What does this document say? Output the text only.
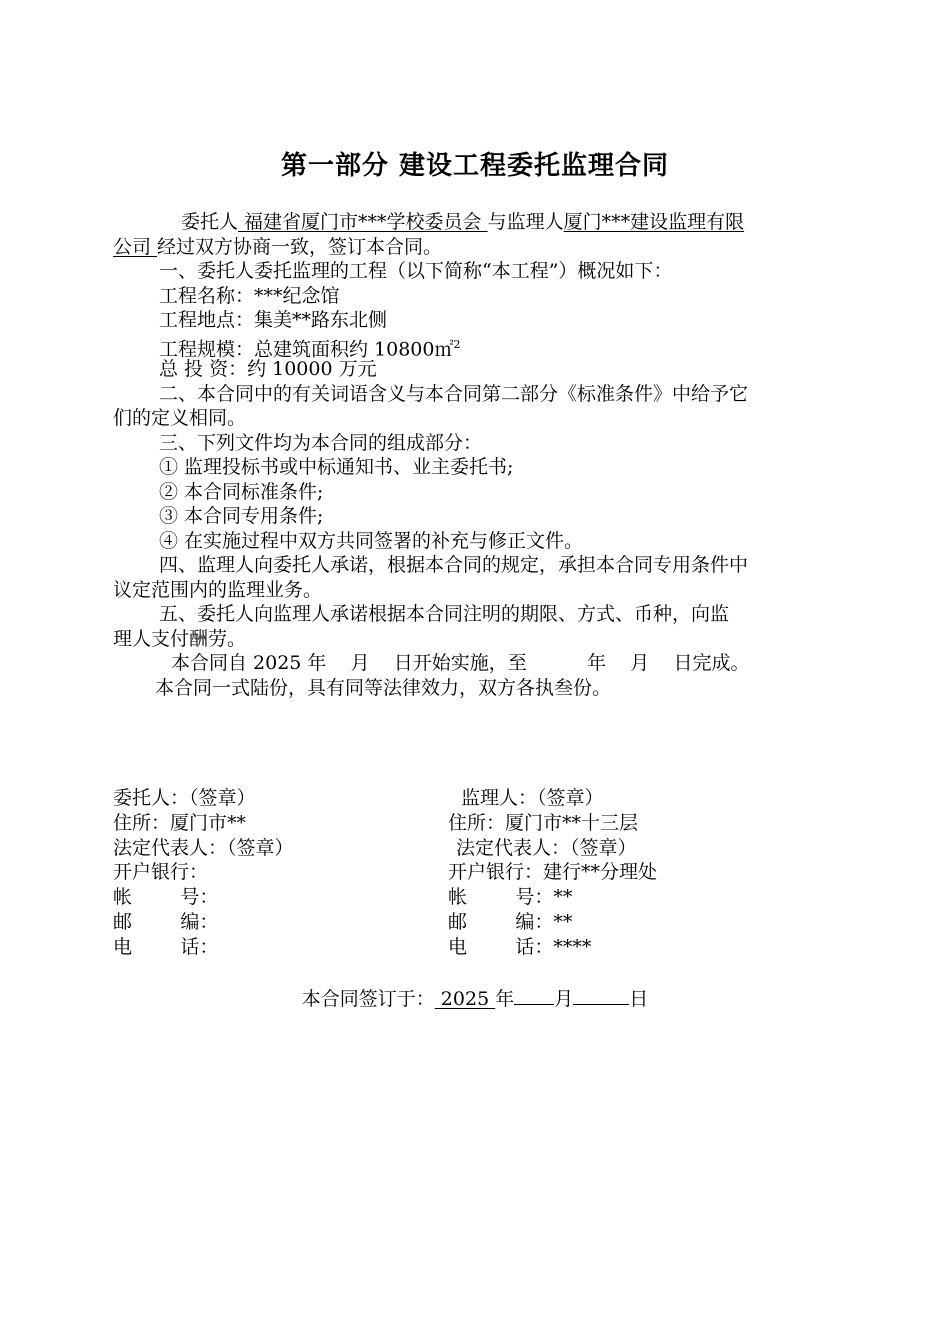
第一部分 建设工程委托监理合同
委托人 福建省厦门市***学校委员会 与监理人厦门***建设监理有限
公司 经过双方协商一致，签订本合同。
一、委托人委托监理的工程（以下简称“本工程”）概况如下：
工程名称：***纪念馆
工程地点：集美**路东北侧
工程规模：总建筑面积约 10800㎡$^2$
总 投 资：约 10000 万元
二、本合同中的有关词语含义与本合同第二部分《标准条件》中给予它
们的定义相同。
三、下列文件均为本合同的组成部分：
① 监理投标书或中标通知书、业主委托书;
② 本合同标准条件;
③ 本合同专用条件;
④ 在实施过程中双方共同签署的补充与修正文件。
四、监理人向委托人承诺，根据本合同的规定，承担本合同专用条件中
议定范围内的监理业务。
五、委托人向监理人承诺根据本合同注明的期限、方式、币种，向监
理人支付酬劳。
本合同自 2025 年    月    日开始实施，至          年    月    日完成。
本合同一式陆份，具有同等法律效力，双方各执叁份。
委托人：（签章）
住所：厦门市**
法定代表人：（签章）
开户银行：
帐        号：
邮        编：
电        话：
监理人：（签章）
住所：厦门市**十三层
法定代表人：（签章）
开户银行：建行**分理处
帐        号：**
邮        编：**
电        话：****
本合同签订于： 2025 年 月	日
